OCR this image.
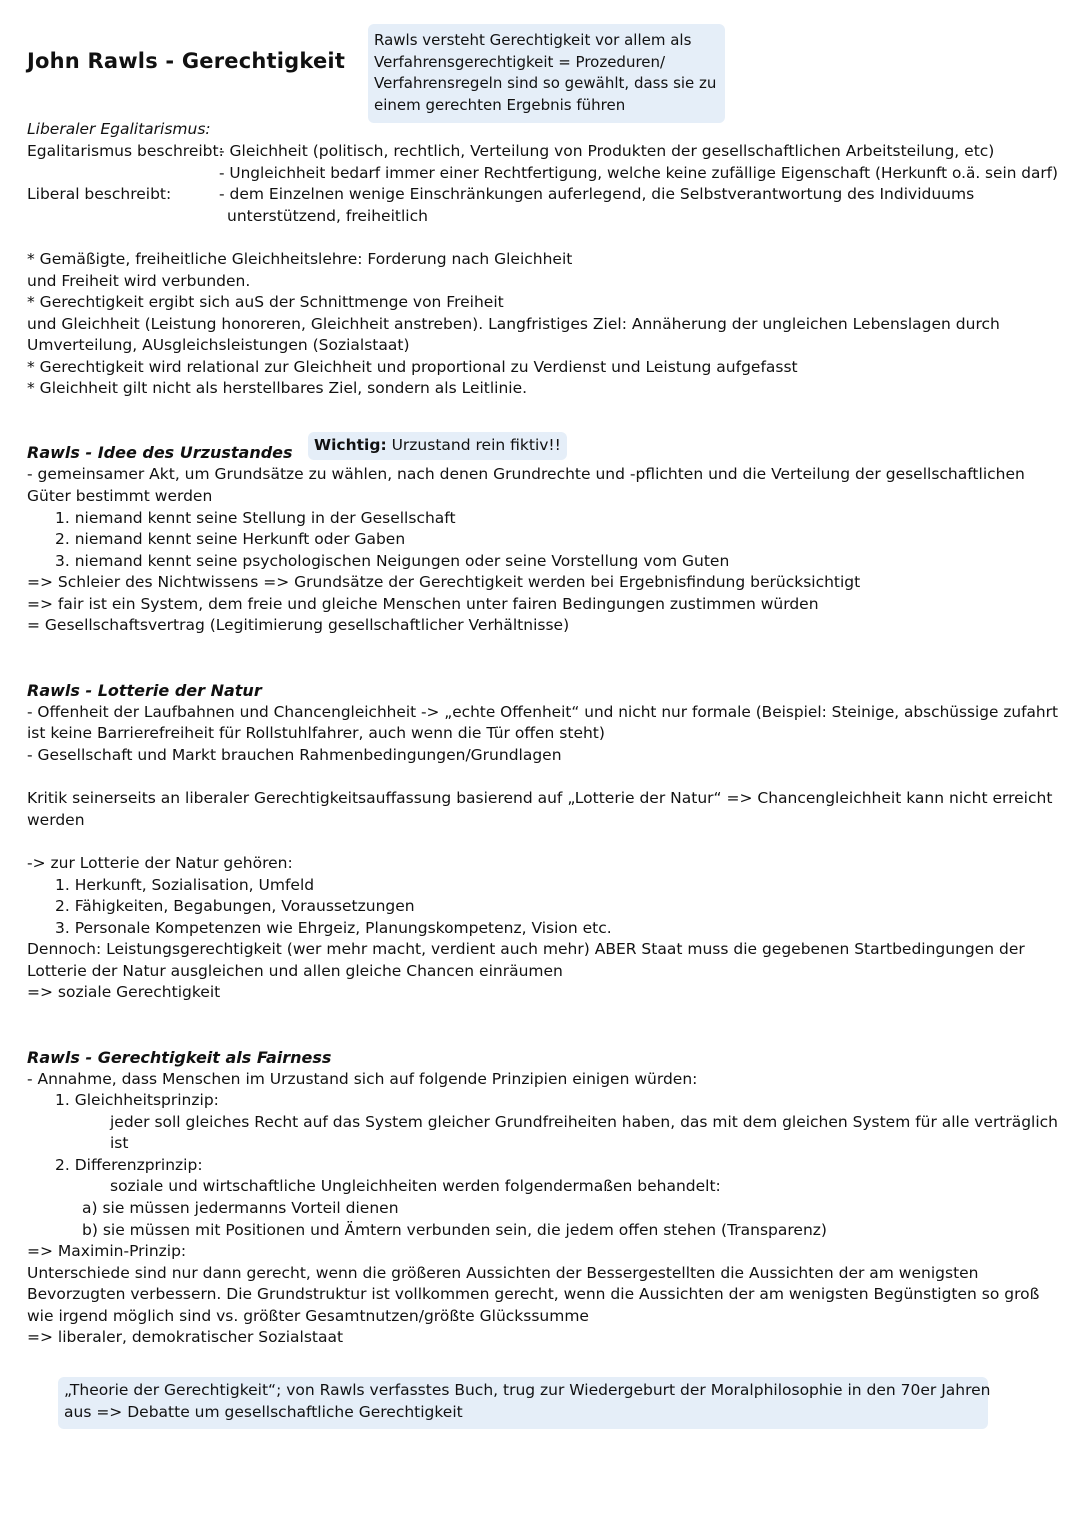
John Rawls - Gerechtigkeit
Rawls versteht Gerechtigkeit vor allem als
Verfahrensgerechtigkeit = Prozeduren/
Verfahrensregeln sind so gewählt, dass sie zu
einem gerechten Ergebnis führen
Liberaler Egalitarismus:
Egalitarismus beschreibt:
- Gleichheit (politisch, rechtlich, Verteilung von Produkten der gesellschaftlichen Arbeitsteilung, etc)
- Ungleichheit bedarf immer einer Rechtfertigung, welche keine zufällige Eigenschaft (Herkunft o.ä. sein darf)
Liberal beschreibt:	- dem Einzelnen wenige Einschränkungen auferlegend, die Selbstverantwortung des Individuums
unterstützend, freiheitlich
* Gemäßigte, freiheitliche Gleichheitslehre: Forderung nach Gleichheit
und Freiheit wird verbunden.
* Gerechtigkeit ergibt sich auS der Schnittmenge von Freiheit
und Gleichheit (Leistung honoreren, Gleichheit anstreben). Langfristiges Ziel: Annäherung der ungleichen Lebenslagen durch
Umverteilung, AUsgleichsleistungen (Sozialstaat)
* Gerechtigkeit wird relational zur Gleichheit und proportional zu Verdienst und Leistung aufgefasst
* Gleichheit gilt nicht als herstellbares Ziel, sondern als Leitlinie.
Rawls - Idee des Urzustandes	Wichtig: Urzustand rein fiktiv!!
- gemeinsamer Akt, um Grundsätze zu wählen, nach denen Grundrechte und -pflichten und die Verteilung der gesellschaftlichen
Güter bestimmt werden
1. niemand kennt seine Stellung in der Gesellschaft
2. niemand kennt seine Herkunft oder Gaben
3. niemand kennt seine psychologischen Neigungen oder seine Vorstellung vom Guten
=> Schleier des Nichtwissens => Grundsätze der Gerechtigkeit werden bei Ergebnisfindung berücksichtigt
=> fair ist ein System, dem freie und gleiche Menschen unter fairen Bedingungen zustimmen würden
= Gesellschaftsvertrag (Legitimierung gesellschaftlicher Verhältnisse)
Rawls - Lotterie der Natur
- Offenheit der Laufbahnen und Chancengleichheit -> „echte Offenheit“ und nicht nur formale (Beispiel: Steinige, abschüssige zufahrt
ist keine Barrierefreiheit für Rollstuhlfahrer, auch wenn die Tür offen steht)
- Gesellschaft und Markt brauchen Rahmenbedingungen/Grundlagen
Kritik seinerseits an liberaler Gerechtigkeitsauffassung basierend auf „Lotterie der Natur“ => Chancengleichheit kann nicht erreicht
werden
-> zur Lotterie der Natur gehören:
1. Herkunft, Sozialisation, Umfeld
2. Fähigkeiten, Begabungen, Voraussetzungen
3. Personale Kompetenzen wie Ehrgeiz, Planungskompetenz, Vision etc.
Dennoch: Leistungsgerechtigkeit (wer mehr macht, verdient auch mehr) ABER Staat muss die gegebenen Startbedingungen der
Lotterie der Natur ausgleichen und allen gleiche Chancen einräumen
=> soziale Gerechtigkeit
Rawls - Gerechtigkeit als Fairness
- Annahme, dass Menschen im Urzustand sich auf folgende Prinzipien einigen würden:
1. Gleichheitsprinzip:
jeder soll gleiches Recht auf das System gleicher Grundfreiheiten haben, das mit dem gleichen System für alle verträglich
ist
2. Differenzprinzip:
soziale und wirtschaftliche Ungleichheiten werden folgendermaßen behandelt:
a) sie müssen jedermanns Vorteil dienen
b) sie müssen mit Positionen und Ämtern verbunden sein, die jedem offen stehen (Transparenz)
=> Maximin-Prinzip:
Unterschiede sind nur dann gerecht, wenn die größeren Aussichten der Bessergestellten die Aussichten der am wenigsten
Bevorzugten verbessern. Die Grundstruktur ist vollkommen gerecht, wenn die Aussichten der am wenigsten Begünstigten so groß
wie irgend möglich sind vs. größter Gesamtnutzen/größte Glückssumme
=> liberaler, demokratischer Sozialstaat
„Theorie der Gerechtigkeit“; von Rawls verfasstes Buch, trug zur Wiedergeburt der Moralphilosophie in den 70er Jahren
aus => Debatte um gesellschaftliche Gerechtigkeit
